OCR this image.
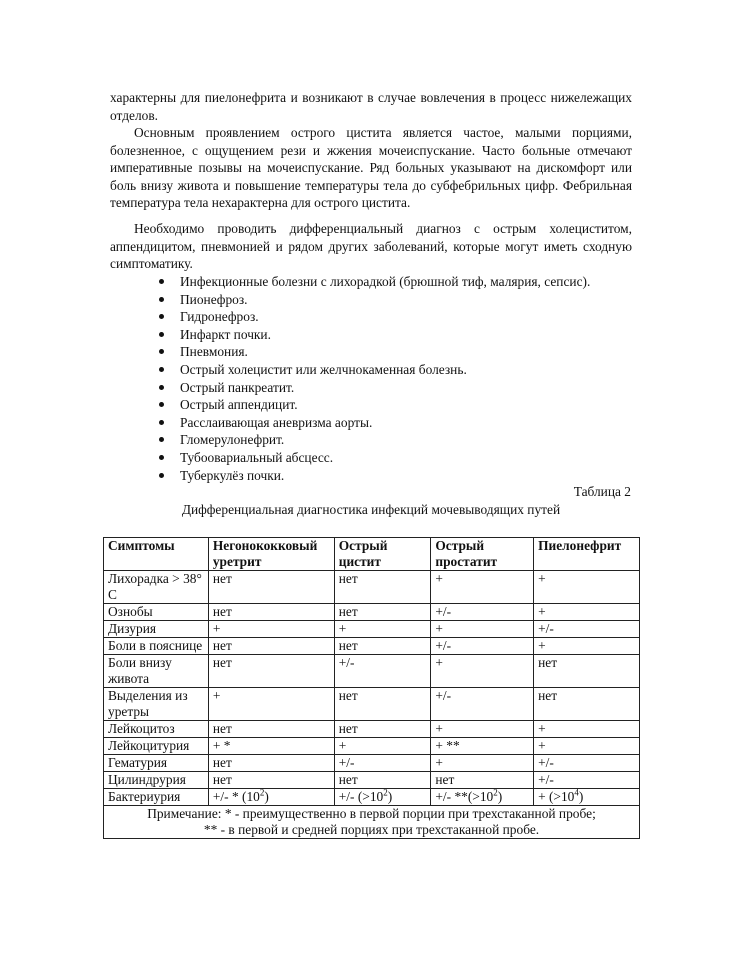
характерны для пиелонефрита и возникают в случае вовлечения в процесс нижележащих отделов.

Основным проявлением острого цистита является частое, малыми порциями, болезненное, с ощущением рези и жжения мочеиспускание. Часто больные отмечают императивные позывы на мочеиспускание. Ряд больных указывают на дискомфорт или боль внизу живота и повышение температуры тела до субфебрильных цифр. Фебрильная температура тела нехарактерна для острого цистита.

Необходимо проводить дифференциальный диагноз с острым холециститом, аппендицитом, пневмонией и рядом других заболеваний, которые могут иметь сходную симптоматику.

Инфекционные болезни с лихорадкой (брюшной тиф, малярия, сепсис).
Пионефроз.
Гидронефроз.
Инфаркт почки.
Пневмония.
Острый холецистит или желчнокаменная болезнь.
Острый панкреатит.
Острый аппендицит.
Расслаивающая аневризма аорты.
Гломерулонефрит.
Тубоовариальный абсцесс.
Туберкулёз почки.
Таблица 2
Дифференциальная диагностика инфекций мочевыводящих путей
Симптомы	Негонококковый уретрит	Острый цистит	Острый простатит	Пиелонефрит
Лихорадка > 38° С	нет	нет	+	+
Ознобы	нет	нет	+/-	+
Дизурия	+	+	+	+/-
Боли в пояснице	нет	нет	+/-	+
Боли внизу живота	нет	+/-	+	нет
Выделения из уретры	+	нет	+/-	нет
Лейкоцитоз	нет	нет	+	+
Лейкоцитурия	+ *	+	+ **	+
Гематурия	нет	+/-	+	+/-
Цилиндрурия	нет	нет	нет	+/-
Бактериурия	+/- * $(10^2)$	+/- $(>10^2)$	+/- $**(>10^2)$	+ $(>10^4)$

Примечание: * - преимущественно в первой порции при трехстаканной пробе;
** - в первой и средней порциях при трехстаканной пробе.				
